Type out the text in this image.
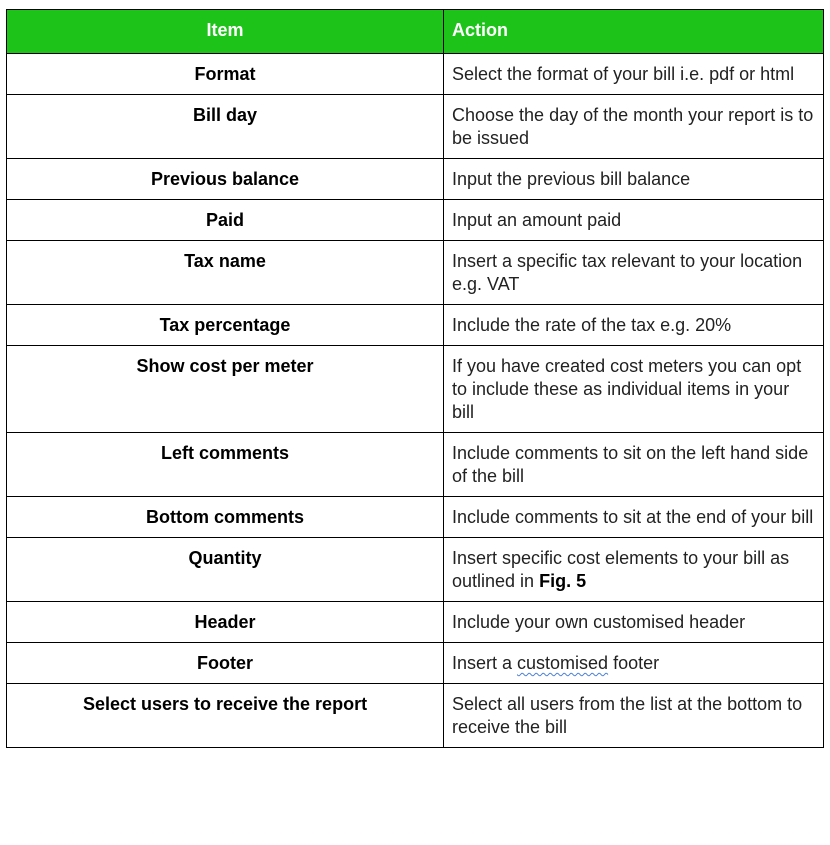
Item	Action
Format	Select the format of your bill i.e. pdf or html
Bill day	Choose the day of the month your report is to be issued
Previous balance	Input the previous bill balance
Paid	Input an amount paid
Tax name	Insert a specific tax relevant to your location e.g. VAT
Tax percentage	Include the rate of the tax e.g. 20%
Show cost per meter	If you have created cost meters you can opt to include these as individual items in your bill
Left comments	Include comments to sit on the left hand side of the bill
Bottom comments	Include comments to sit at the end of your bill
Quantity	Insert specific cost elements to your bill as outlined in Fig. 5
Header	Include your own customised header
Footer	Insert a customised footer
Select users to receive the report	Select all users from the list at the bottom to receive the bill
